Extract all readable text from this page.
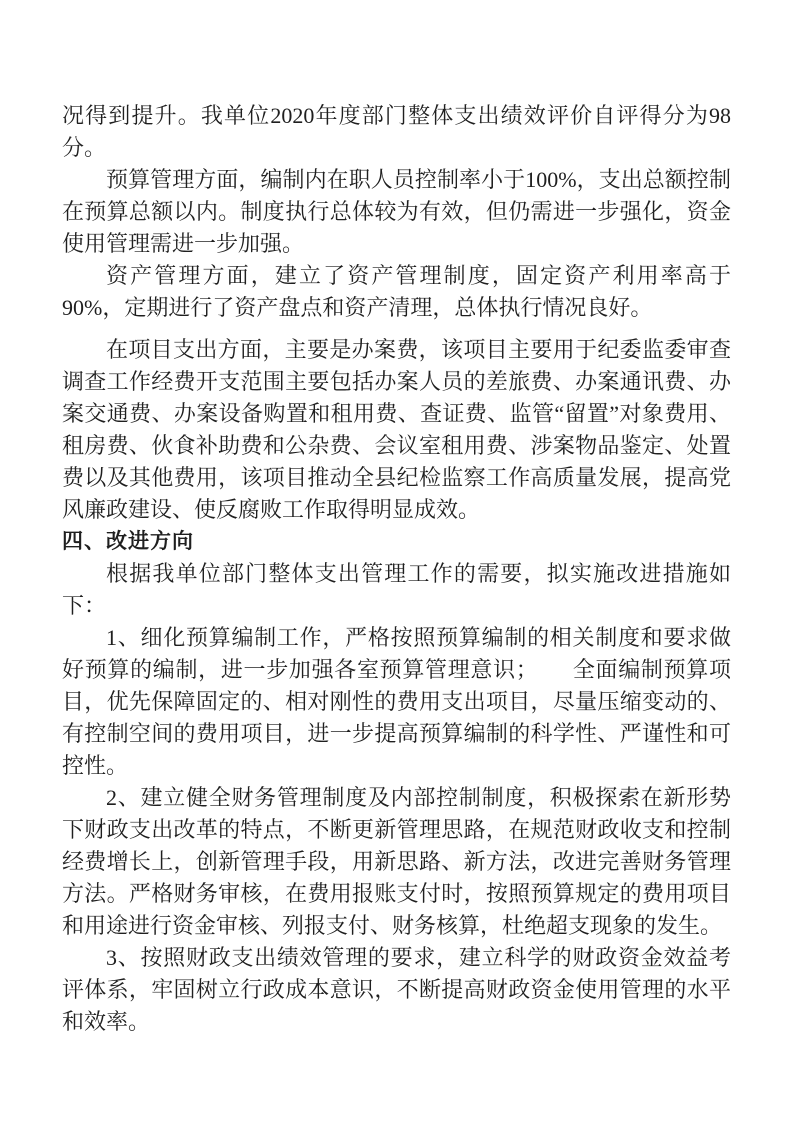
况得到提升。我单位2020年度部门整体支出绩效评价自评得分为98分。

预算管理方面，编制内在职人员控制率小于100%，支出总额控制在预算总额以内。制度执行总体较为有效，但仍需进一步强化，资金使用管理需进一步加强。

资产管理方面，建立了资产管理制度，固定资产利用率高于90%，定期进行了资产盘点和资产清理，总体执行情况良好。

在项目支出方面，主要是办案费，该项目主要用于纪委监委审查调查工作经费开支范围主要包括办案人员的差旅费、办案通讯费、办案交通费、办案设备购置和租用费、查证费、监管“留置”对象费用、租房费、伙食补助费和公杂费、会议室租用费、涉案物品鉴定、处置费以及其他费用，该项目推动全县纪检监察工作高质量发展，提高党风廉政建设、使反腐败工作取得明显成效。

四、改进方向

根据我单位部门整体支出管理工作的需要，拟实施改进措施如下：

1、细化预算编制工作，严格按照预算编制的相关制度和要求做好预算的编制，进一步加强各室预算管理意识；　　全面编制预算项目，优先保障固定的、相对刚性的费用支出项目，尽量压缩变动的、有控制空间的费用项目，进一步提高预算编制的科学性、严谨性和可控性。

2、建立健全财务管理制度及内部控制制度，积极探索在新形势下财政支出改革的特点，不断更新管理思路，在规范财政收支和控制经费增长上，创新管理手段，用新思路、新方法，改进完善财务管理方法。严格财务审核，在费用报账支付时，按照预算规定的费用项目和用途进行资金审核、列报支付、财务核算，杜绝超支现象的发生。

3、按照财政支出绩效管理的要求，建立科学的财政资金效益考评体系，牢固树立行政成本意识，不断提高财政资金使用管理的水平和效率。
